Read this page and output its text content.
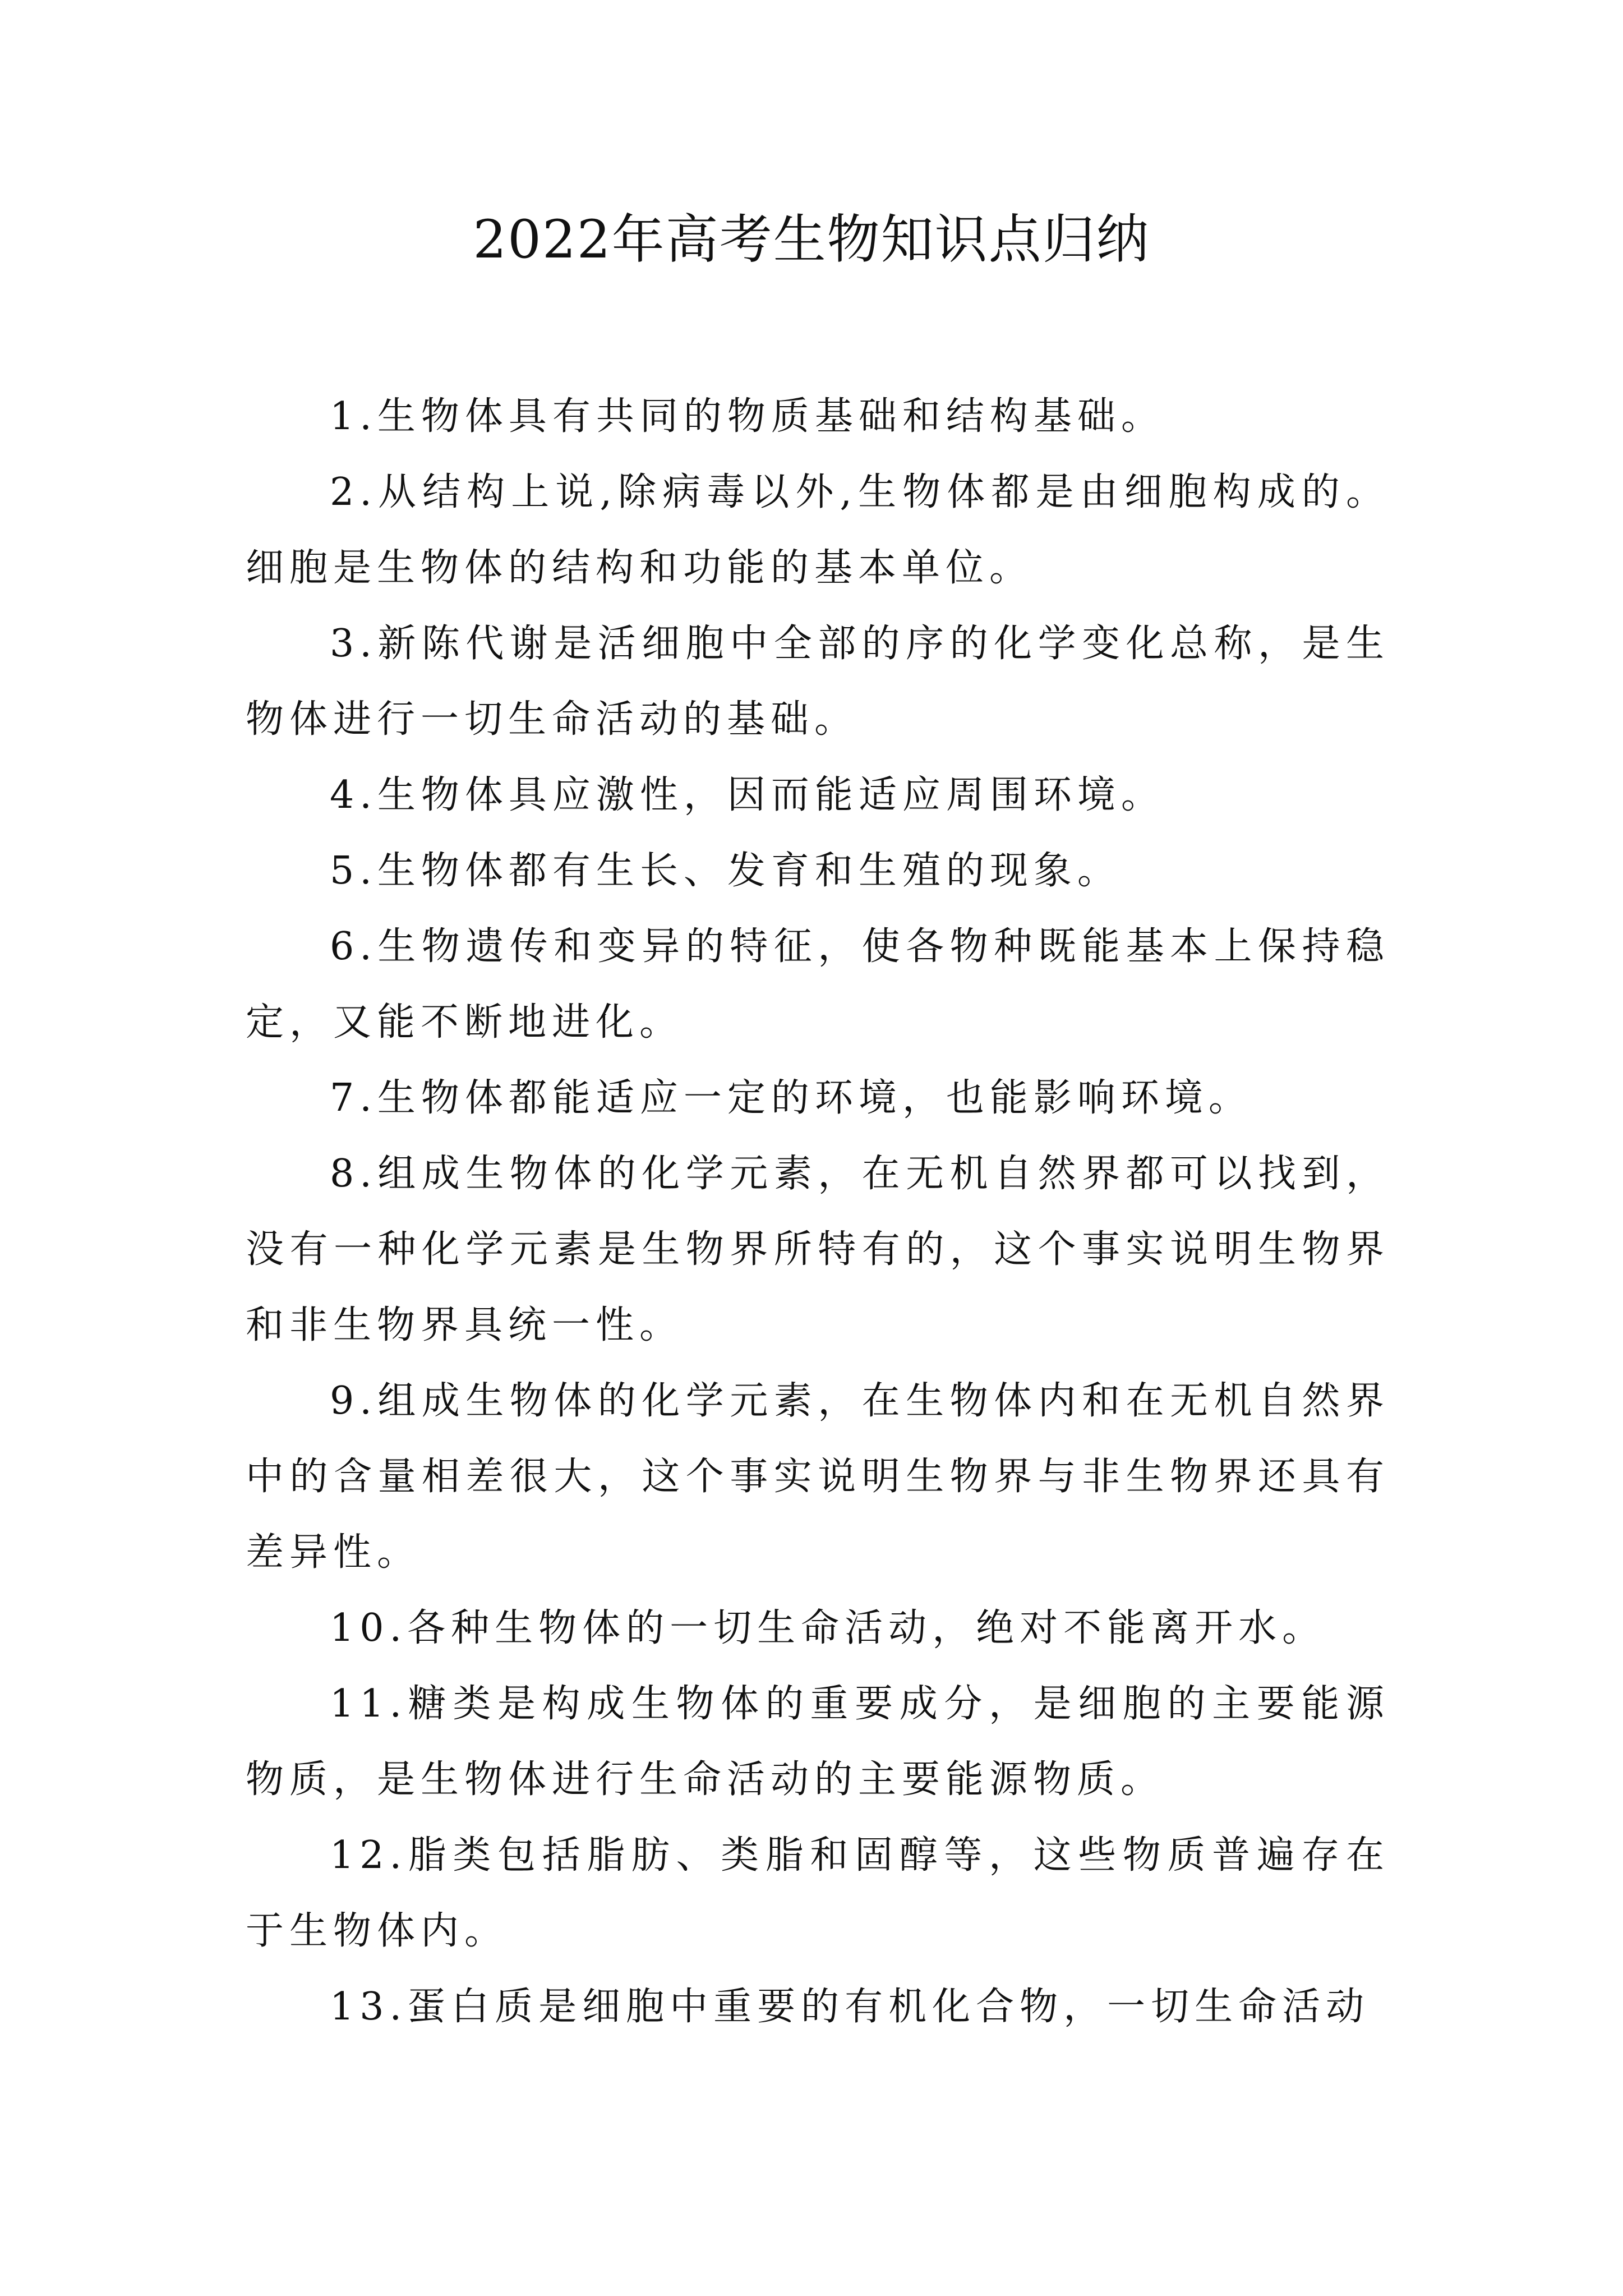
2022年高考生物知识点归纳

1.生物体具有共同的物质基础和结构基础。

2.从结构上说,除病毒以外,生物体都是由细胞构成的。细胞是生物体的结构和功能的基本单位。

3.新陈代谢是活细胞中全部的序的化学变化总称，是生物体进行一切生命活动的基础。

4.生物体具应激性，因而能适应周围环境。

5.生物体都有生长、发育和生殖的现象。

6.生物遗传和变异的特征，使各物种既能基本上保持稳定，又能不断地进化。

7.生物体都能适应一定的环境，也能影响环境。

8.组成生物体的化学元素，在无机自然界都可以找到，没有一种化学元素是生物界所特有的，这个事实说明生物界和非生物界具统一性。

9.组成生物体的化学元素，在生物体内和在无机自然界中的含量相差很大，这个事实说明生物界与非生物界还具有差异性。

10.各种生物体的一切生命活动，绝对不能离开水。

11.糖类是构成生物体的重要成分，是细胞的主要能源物质，是生物体进行生命活动的主要能源物质。

12.脂类包括脂肪、类脂和固醇等，这些物质普遍存在于生物体内。

13.蛋白质是细胞中重要的有机化合物，一切生命活动
